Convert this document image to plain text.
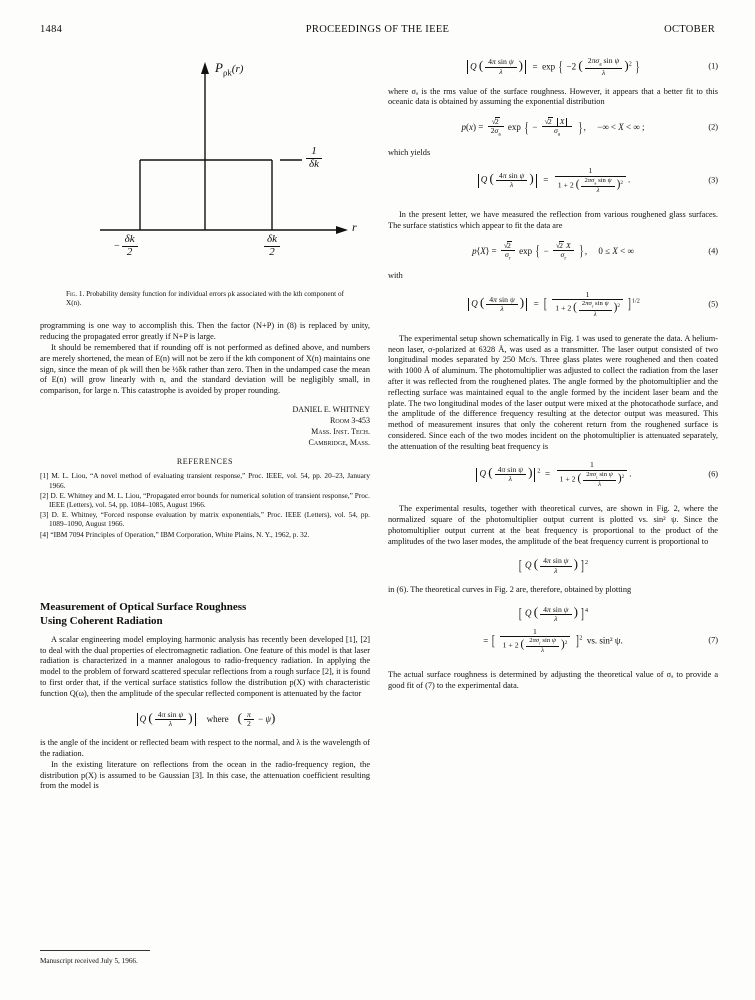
1484	PROCEEDINGS OF THE IEEE	OCTOBER
$P_{\rho k}(r)$
r
$\frac{1}{\delta k}$
− $\frac{\delta k}{2}$	$\frac{\delta k}{2}$
Fig. 1. Probability density function for individual errors ρk associated with the kth component of X(n).

programming is one way to accomplish this. Then the factor (N+P) in (8) is replaced by unity, reducing the propagated error greatly if N+P is large.

It should be remembered that if rounding off is not performed as defined above, and numbers are merely shortened, the mean of E(n) will not be zero if the kth component of X(n) maintains one sign, since the mean of ρk will then be ½δk rather than zero. Then in the undamped case the mean of E(n) will grow linearly with n, and the standard deviation will be negligibly small, in comparison, for large n. This catastrophe is avoided by proper rounding.

DANIEL E. WHITNEY
Room 3-453
Mass. Inst. Tech.
Cambridge, Mass.
REFERENCES
[1] M. L. Liou, “A novel method of evaluating transient response,” Proc. IEEE, vol. 54, pp. 20–23, January 1966.
[2] D. E. Whitney and M. L. Liou, “Propagated error bounds for numerical solution of transient response,” Proc. IEEE (Letters), vol. 54, pp. 1084–1085, August 1966.
[3] D. E. Whitney, “Forced response evaluation by matrix exponentials,” Proc. IEEE (Letters), vol. 54, pp. 1089–1090, August 1966.
[4] “IBM 7094 Principles of Operation,” IBM Corporation, White Plains, N. Y., 1962, p. 32.
Measurement of Optical Surface Roughness
Using Coherent Radiation

A scalar engineering model employing harmonic analysis has recently been developed [1], [2] to deal with the dual properties of electromagnetic radiation. One feature of this model is that laser radiation is characterized in a manner analogous to radio-frequency radiation. In applying the model to the problem of forward scattered specular reflections from a rough surface [2], it is found to first order that, if the vertical surface statistics follow the distribution p(X) with characteristic function Q(ω), then the amplitude of the specular reflected component is attenuated by the factor

Q ( $\frac{\text{4π sin ψ}}{\lambda}$ ) where ( $\frac{\pi}{2} - \psi$)

is the angle of the incident or reflected beam with respect to the normal, and λ is the wavelength of the radiation.

In the existing literature on reflections from the ocean in the radio-frequency region, the distribution p(X) is assumed to be Gaussian [3]. In this case, the attenuation coefficient resulting from the model is

Manuscript received July 5, 1966.
Q ( $\frac{\text{4π sin ψ}}{\lambda}$ )  =  exp { −2 ( $\frac{2\pi\sigma_a \sin \psi}{\lambda} )^2$ }	(1)

where σₐ is the rms value of the surface roughness. However, it appears that a better fit to this oceanic data is obtained by assuming the exponential distribution

$p(x) = \frac{√2}{2\sigma_a}$ exp { − $\frac{√2 X}{\sigma_a}$ }, −∞ < X < ∞ ;	(2)

which yields

Q ( $\frac{\text{4π sin ψ}}{\lambda}$ )  =
1
1 + 2 ( $\frac{2\pi\sigma_a \sin \psi}{\lambda} )^2$ .	(3)

In the present letter, we have measured the reflection from various roughened glass surfaces. The surface statistics which appear to fit the data are

p⟨X⟩ = $\frac{√2}{\sigma_r}$ exp { − $\frac{√2 X}{\sigma_r}$ }, 0 ≤ X < ∞	(4)

with

Q ( $\frac{\text{4π sin ψ}}{\lambda}$ )  =  [
1
1 + 2 ( $\frac{2\pi\sigma_r \sin \psi}{\lambda} )^2$ ]$^{1/2}$	(5)

The experimental setup shown schematically in Fig. 1 was used to generate the data. A helium-neon laser, σ-polarized at 6328 Å, was used as a transmitter. The laser output consisted of two longitudinal modes separated by 250 Mc/s. Three glass plates were roughened and then coated with 1000 Å of aluminum. The photomultiplier was adjusted to collect the radiation from the laser after it was reflected from the roughened plates. The angle formed by the photomultiplier and the reflecting surface was maintained equal to the angle formed by the incident laser beam and the plate. The two longitudinal modes of the laser output were mixed at the photocathode surface, and the amplitude of the difference frequency resulting at the detector output was measured. This method of measurement insures that only the coherent return from the roughened surface is considered. Since each of the two modes incident on the photomultiplier is attenuated separately, the attenuation of the resulting beat frequency is

Q ( $\frac{\text{4π sin ψ}}{\lambda}$ ) $^2$  =
1
1 + 2 ( $\frac{2\pi\sigma_r \sin \psi}{\lambda} )^2$ .	(6)

The experimental results, together with theoretical curves, are shown in Fig. 2, where the normalized square of the photomultiplier output current is plotted vs. sin² ψ. Since the photomultiplier output current at the beat frequency is proportional to the product of the amplitudes of the two laser modes, the amplitude of the beat frequency current is proportional to

[ Q ( $\frac{\text{4π sin ψ}}{\lambda}$ ) ]$^2$

in (6). The theoretical curves in Fig. 2 are, therefore, obtained by plotting

[ Q ( $\frac{\text{4π sin ψ}}{\lambda}$ ) ]$^4$
= [
1
1 + 2 ( $\frac{2\pi\sigma_r \sin \psi}{\lambda} )^2$ ]$^2$ vs. sin² ψ.	(7)

The actual surface roughness is determined by adjusting the theoretical value of σₐ to provide a good fit of (7) to the experimental data.
